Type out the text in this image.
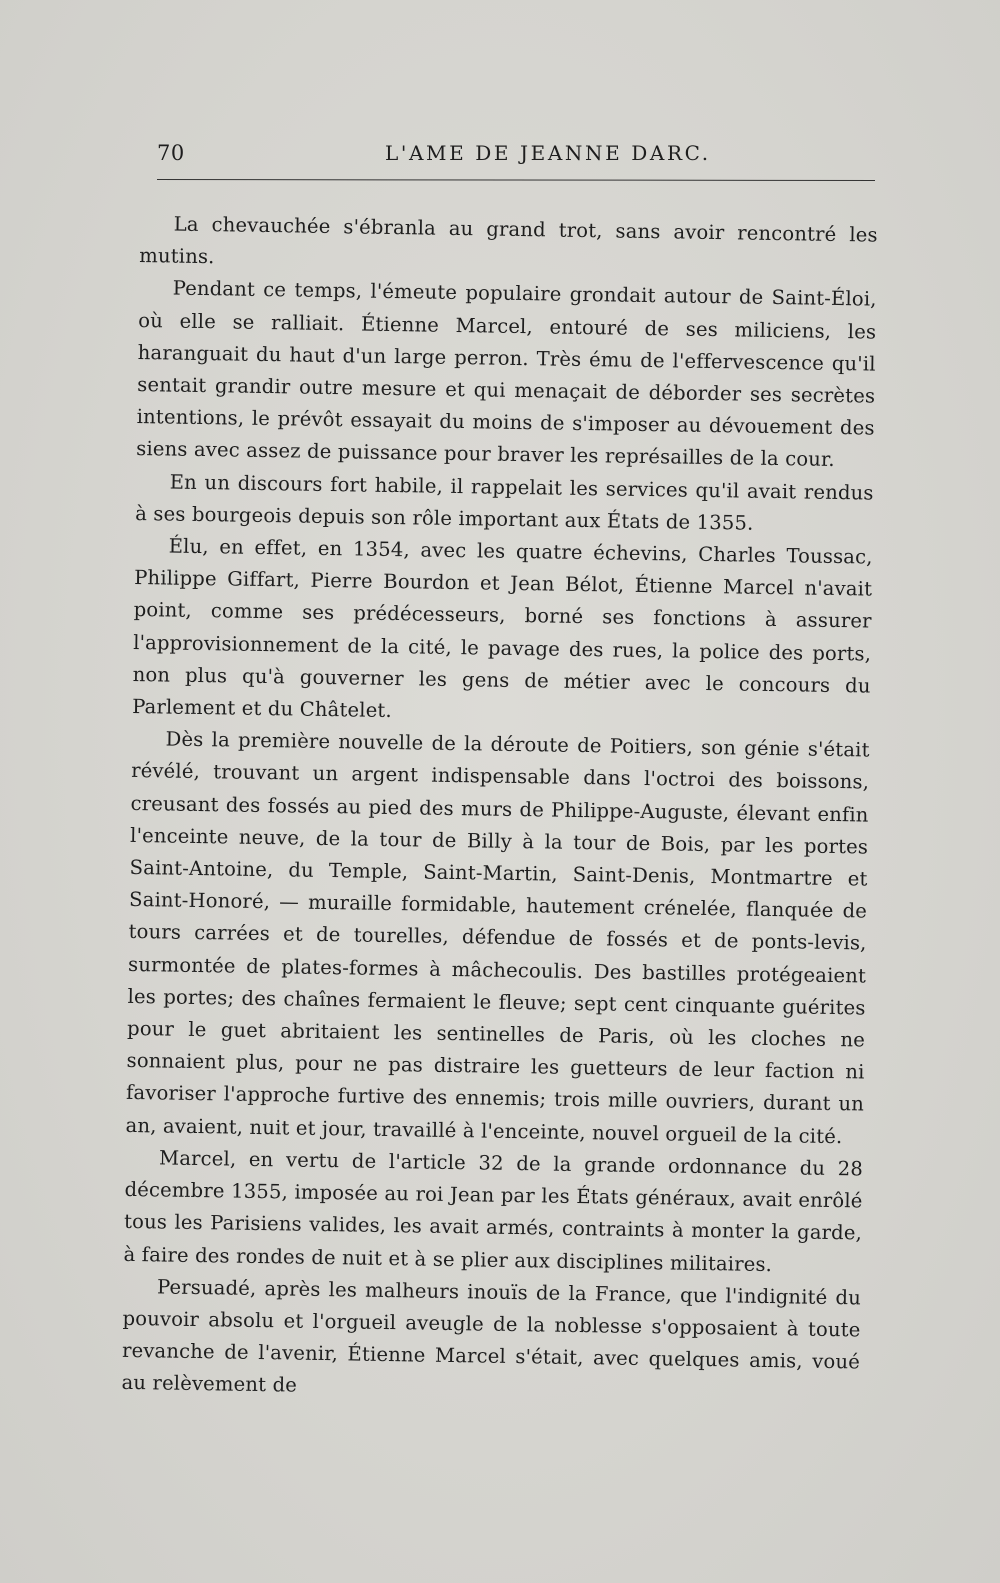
70	L'AME DE JEANNE DARC.

La chevauchée s'ébranla au grand trot, sans avoir rencontré les mutins.

Pendant ce temps, l'émeute populaire grondait autour de Saint-Éloi, où elle se ralliait. Étienne Marcel, entouré de ses miliciens, les haranguait du haut d'un large perron. Très ému de l'effervescence qu'il sentait grandir outre mesure et qui menaçait de déborder ses secrètes intentions, le prévôt essayait du moins de s'imposer au dévouement des siens avec assez de puissance pour braver les représailles de la cour.

En un discours fort habile, il rappelait les services qu'il avait rendus à ses bourgeois depuis son rôle important aux États de 1355.

Élu, en effet, en 1354, avec les quatre échevins, Charles Toussac, Philippe Giffart, Pierre Bourdon et Jean Bélot, Étienne Marcel n'avait point, comme ses prédécesseurs, borné ses fonctions à assurer l'approvisionnement de la cité, le pavage des rues, la police des ports, non plus qu'à gouverner les gens de métier avec le concours du Parlement et du Châtelet.

Dès la première nouvelle de la déroute de Poitiers, son génie s'était révélé, trouvant un argent indispensable dans l'octroi des boissons, creusant des fossés au pied des murs de Philippe-Auguste, élevant enfin l'enceinte neuve, de la tour de Billy à la tour de Bois, par les portes Saint-Antoine, du Temple, Saint-Martin, Saint-Denis, Montmartre et Saint-Honoré, — muraille formidable, hautement crénelée, flanquée de tours carrées et de tourelles, défendue de fossés et de ponts-levis, surmontée de plates-formes à mâchecoulis. Des bastilles protégeaient les portes; des chaînes fermaient le fleuve; sept cent cinquante guérites pour le guet abritaient les sentinelles de Paris, où les cloches ne sonnaient plus, pour ne pas distraire les guetteurs de leur faction ni favoriser l'approche furtive des ennemis; trois mille ouvriers, durant un an, avaient, nuit et jour, travaillé à l'enceinte, nouvel orgueil de la cité.

Marcel, en vertu de l'article 32 de la grande ordonnance du 28 décembre 1355, imposée au roi Jean par les États généraux, avait enrôlé tous les Parisiens valides, les avait armés, contraints à monter la garde, à faire des rondes de nuit et à se plier aux disciplines militaires.

Persuadé, après les malheurs inouïs de la France, que l'indignité du pouvoir absolu et l'orgueil aveugle de la noblesse s'opposaient à toute revanche de l'avenir, Étienne Marcel s'était, avec quelques amis, voué au relèvement de
